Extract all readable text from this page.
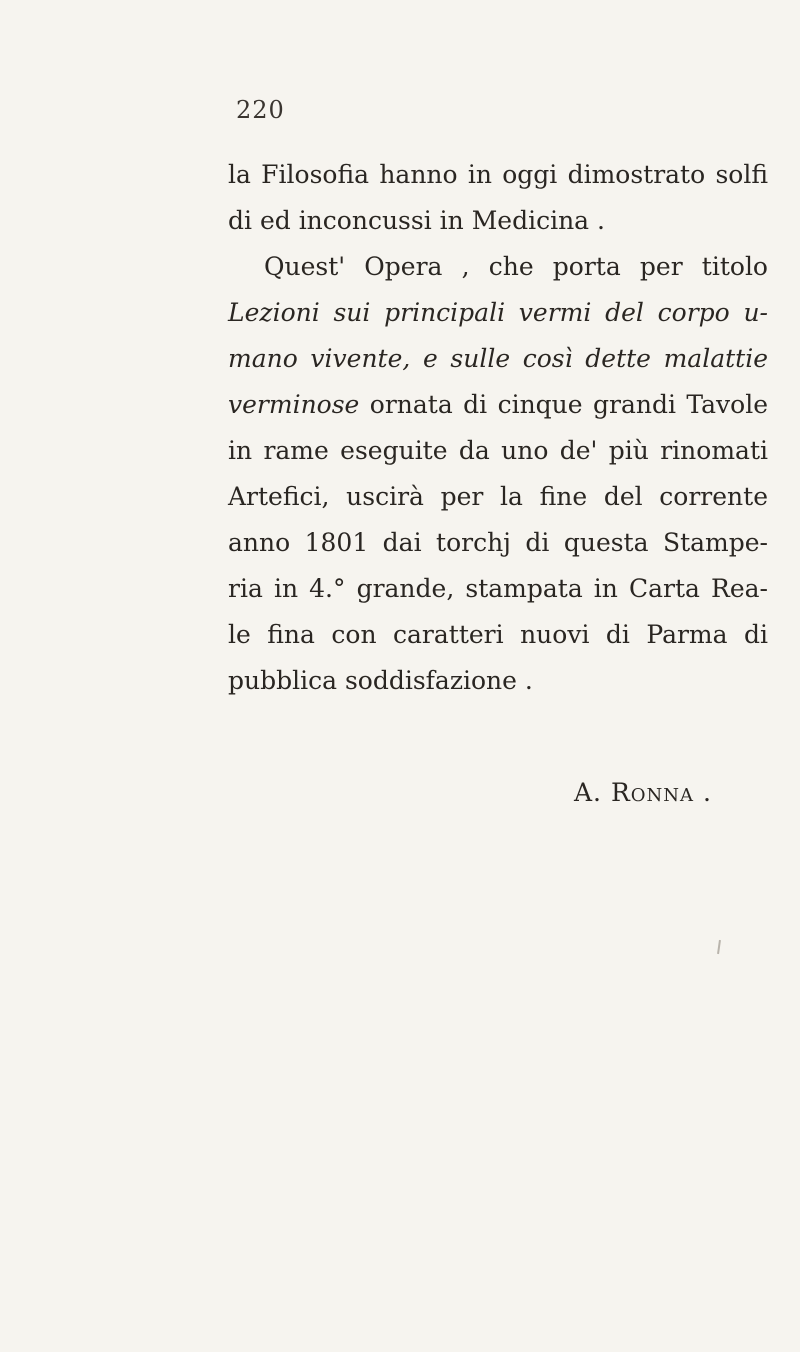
220
la Filosofia hanno in oggi dimostrato solfi
di ed inconcussi in Medicina .
Quest' Opera , che porta per titolo
Lezioni sui principali vermi del corpo u-
mano vivente, e sulle così dette malattie
verminose ornata di cinque grandi Tavole
in rame eseguite da uno de' più rinomati
Artefici, uscirà per la fine del corrente
anno 1801 dai torchj di questa Stampe-
ria in 4.° grande, stampata in Carta Rea-
le fina con caratteri nuovi di Parma di
pubblica soddisfazione .
A. Ronna .
